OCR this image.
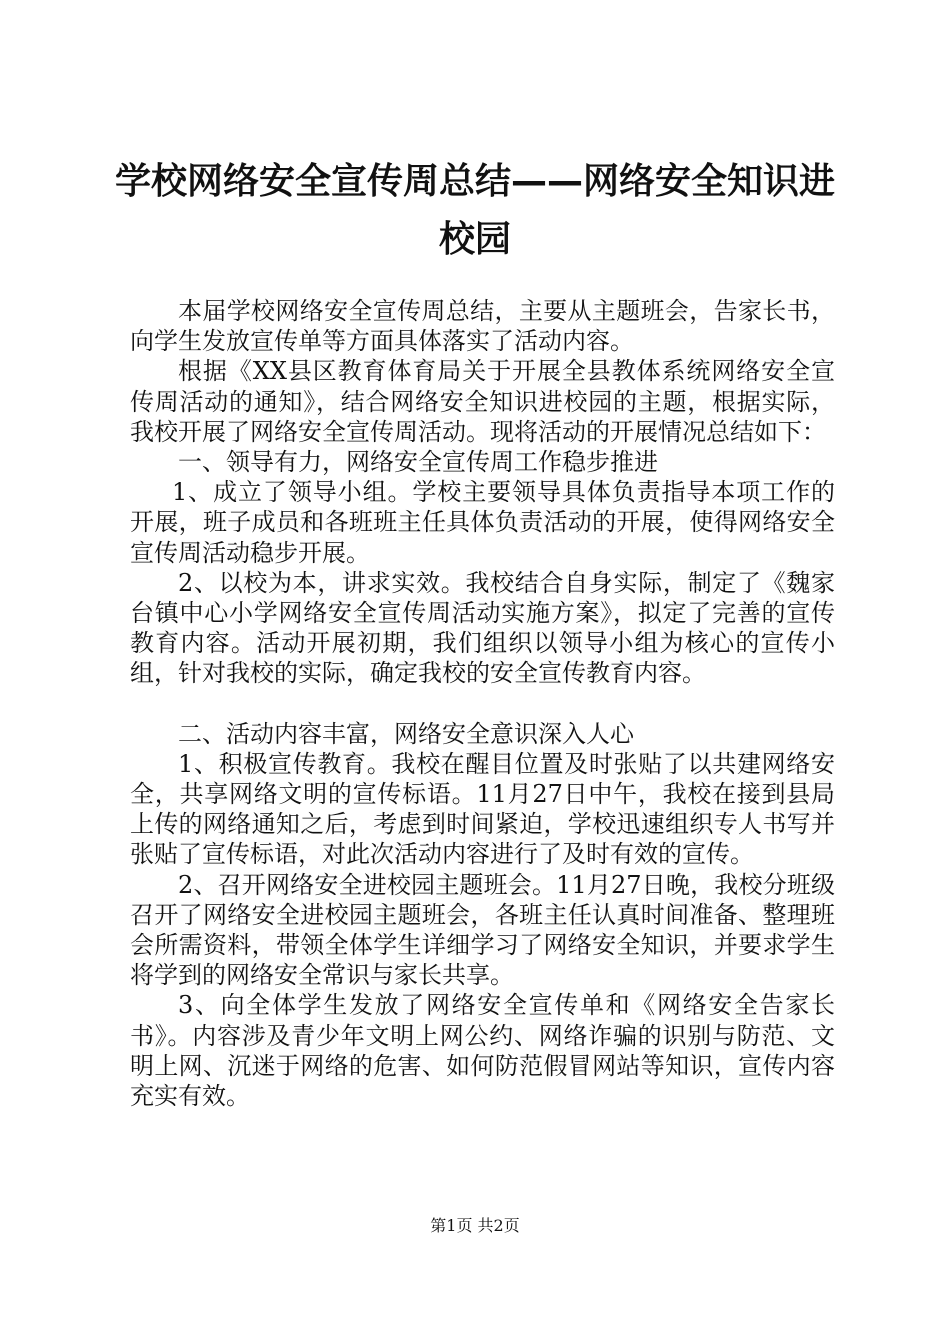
学校网络安全宣传周总结——网络安全知识进
校园

本届学校网络安全宣传周总结，主要从主题班会，告家长书，向学生发放宣传单等方面具体落实了活动内容。

根据《XX县区教育体育局关于开展全县教体系统网络安全宣传周活动的通知》，结合网络安全知识进校园的主题，根据实际，我校开展了网络安全宣传周活动。现将活动的开展情况总结如下：

一、领导有力，网络安全宣传周工作稳步推进

1、成立了领导小组。学校主要领导具体负责指导本项工作的开展，班子成员和各班班主任具体负责活动的开展，使得网络安全宣传周活动稳步开展。

2、以校为本，讲求实效。我校结合自身实际，制定了《魏家台镇中心小学网络安全宣传周活动实施方案》，拟定了完善的宣传教育内容。活动开展初期，我们组织以领导小组为核心的宣传小组，针对我校的实际，确定我校的安全宣传教育内容。

二、活动内容丰富，网络安全意识深入人心

1、积极宣传教育。我校在醒目位置及时张贴了以共建网络安全，共享网络文明的宣传标语。11月27日中午，我校在接到县局上传的网络通知之后，考虑到时间紧迫，学校迅速组织专人书写并张贴了宣传标语，对此次活动内容进行了及时有效的宣传。

2、召开网络安全进校园主题班会。11月27日晚，我校分班级召开了网络安全进校园主题班会，各班主任认真时间准备、整理班会所需资料，带领全体学生详细学习了网络安全知识，并要求学生将学到的网络安全常识与家长共享。

3、向全体学生发放了网络安全宣传单和《网络安全告家长书》。内容涉及青少年文明上网公约、网络诈骗的识别与防范、文明上网、沉迷于网络的危害、如何防范假冒网站等知识，宣传内容充实有效。

第1页 共2页
